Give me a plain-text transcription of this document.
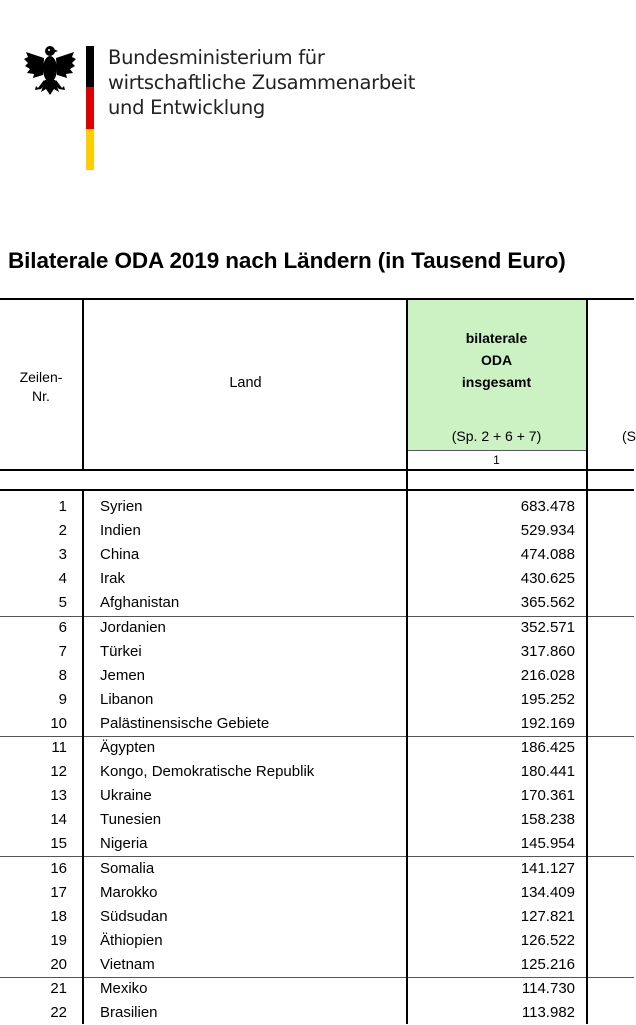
Bundesministerium für
wirtschaftliche Zusammenarbeit
und Entwicklung
Bilaterale ODA 2019 nach Ländern (in Tausend Euro)
Zeilen-
Nr.
Land
bilaterale
ODA
insgesamt
(Sp. 2 + 6 + 7)	(S
1
1 Syrien	683.478
2 Indien	529.934
3 China	474.088
4 Irak	430.625
5 Afghanistan	365.562
6 Jordanien	352.571
7 Türkei	317.860
8 Jemen	216.028
9 Libanon	195.252
10 Palästinensische Gebiete	192.169
11 Ägypten	186.425
12 Kongo, Demokratische Republik	180.441
13 Ukraine	170.361
14 Tunesien	158.238
15 Nigeria	145.954
16 Somalia	141.127
17 Marokko	134.409
18 Südsudan	127.821
19 Äthiopien	126.522
20 Vietnam	125.216
21 Mexiko	114.730
22 Brasilien	113.982
